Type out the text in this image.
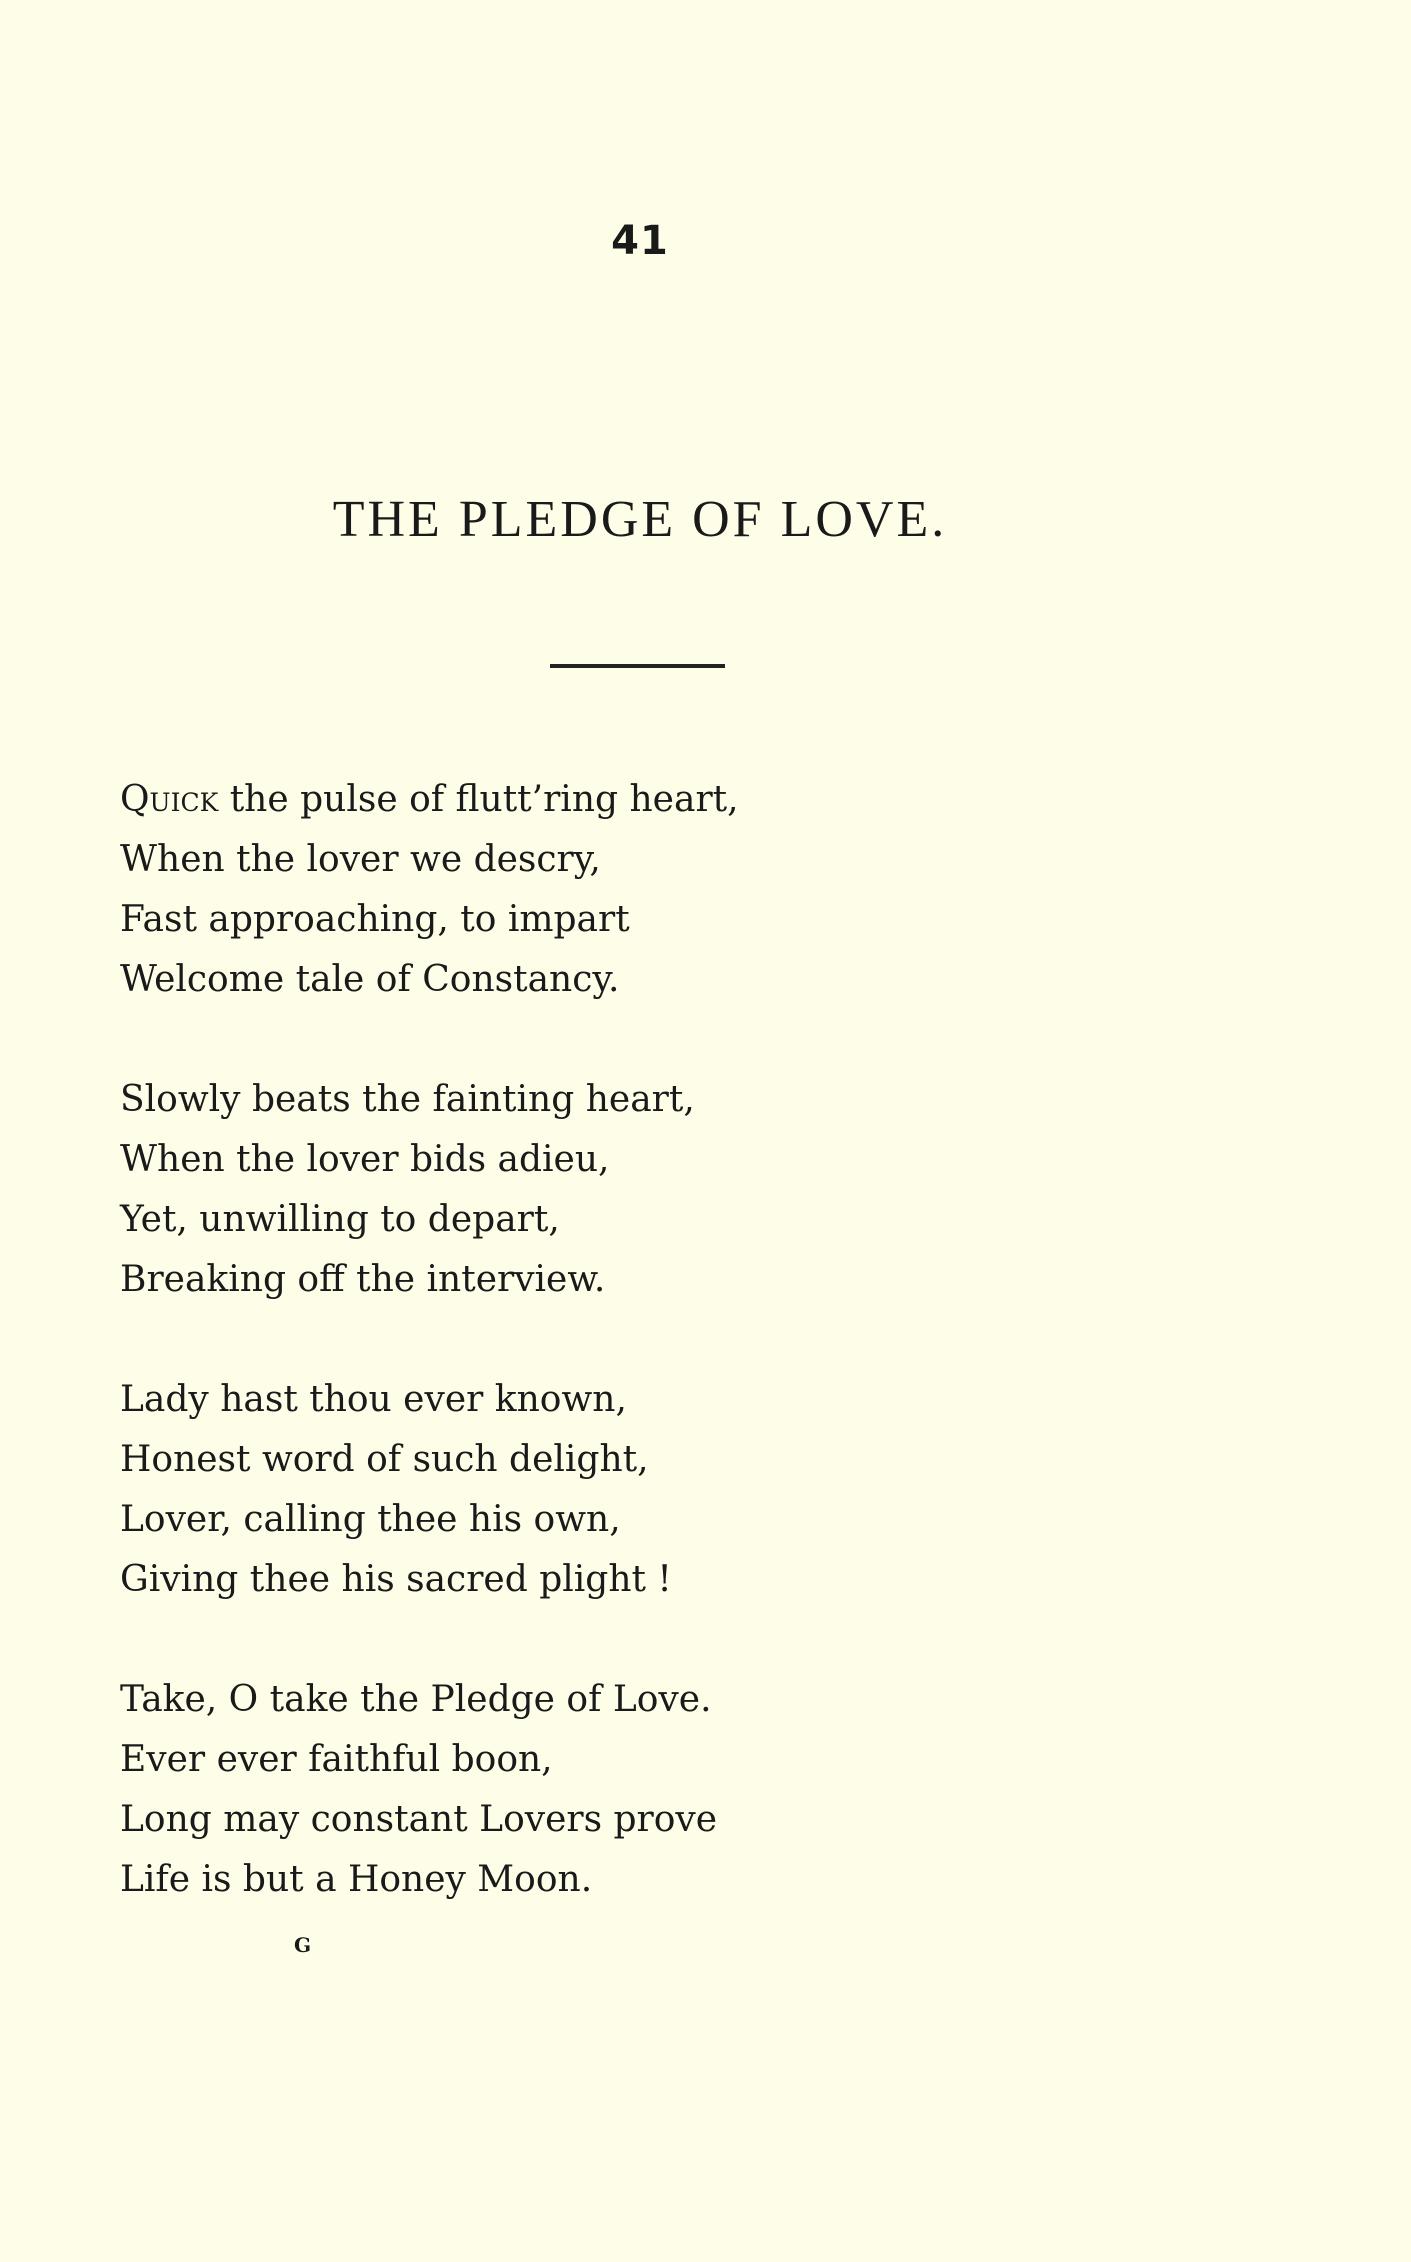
41
THE PLEDGE OF LOVE.
Quick the pulse of flutt’ring heart,
When the lover we descry,
Fast approaching, to impart
Welcome tale of Constancy.
Slowly beats the fainting heart,
When the lover bids adieu,
Yet, unwilling to depart,
Breaking off the interview.
Lady hast thou ever known,
Honest word of such delight,
Lover, calling thee his own,
Giving thee his sacred plight !
Take, O take the Pledge of Love.
Ever ever faithful boon,
Long may constant Lovers prove
Life is but a Honey Moon.
G
